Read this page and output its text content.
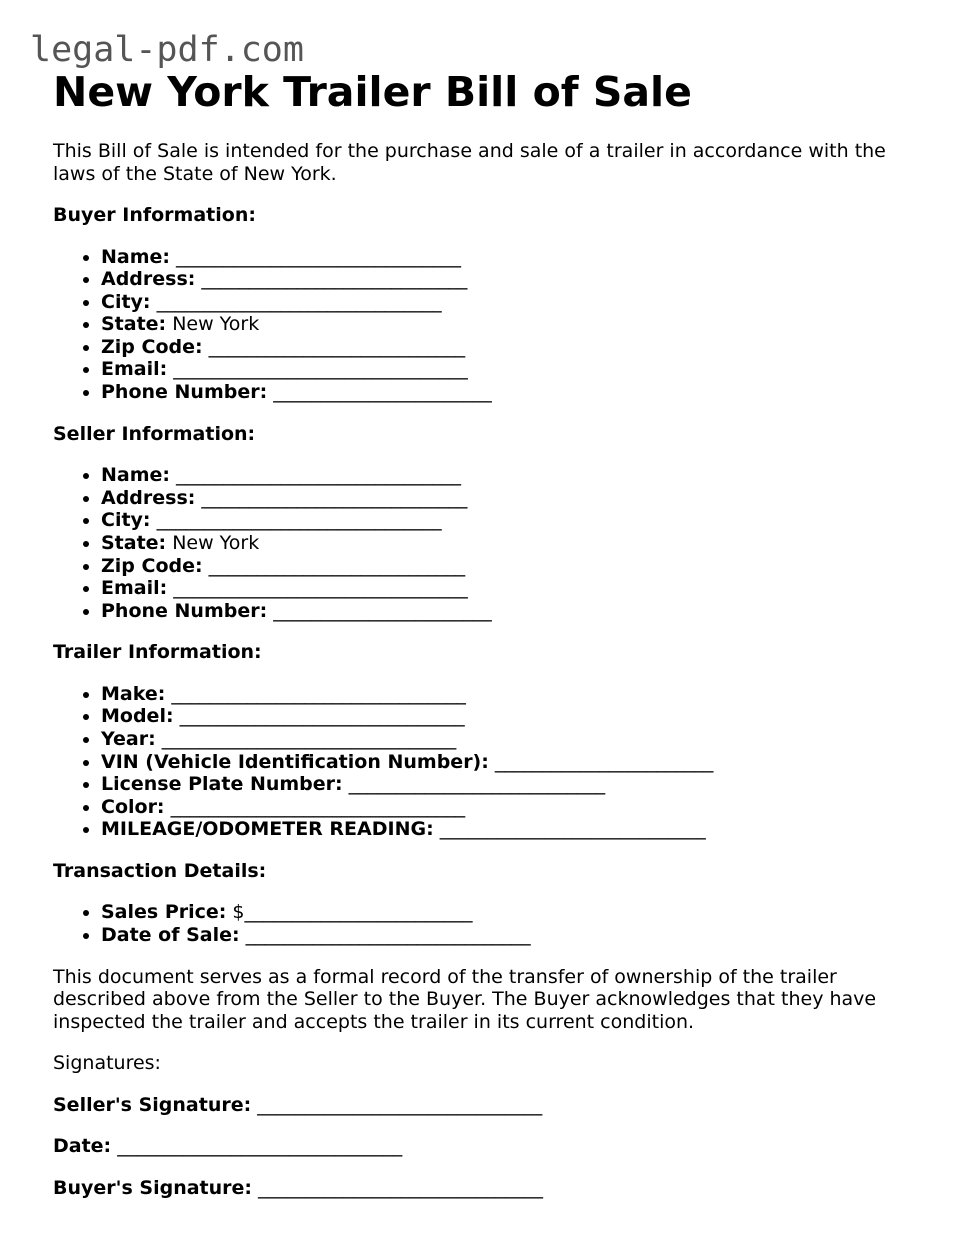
legal-pdf.com
New York Trailer Bill of Sale

This Bill of Sale is intended for the purchase and sale of a trailer in accordance with the laws of the State of New York.

Buyer Information:

• Name: ______________________________
• Address: ____________________________
• City: ______________________________
• State: New York
• Zip Code: ___________________________
• Email: _______________________________
• Phone Number: _______________________

Seller Information:

• Name: ______________________________
• Address: ____________________________
• City: ______________________________
• State: New York
• Zip Code: ___________________________
• Email: _______________________________
• Phone Number: _______________________

Trailer Information:

• Make: _______________________________
• Model: ______________________________
• Year: _______________________________
• VIN (Vehicle Identification Number): _______________________
• License Plate Number: ___________________________
• Color: _______________________________
• MILEAGE/ODOMETER READING: ____________________________

Transaction Details:

• Sales Price: $________________________
• Date of Sale: ______________________________

This document serves as a formal record of the transfer of ownership of the trailer described above from the Seller to the Buyer. The Buyer acknowledges that they have inspected the trailer and accepts the trailer in its current condition.

Signatures:

Seller's Signature: ______________________________

Date: ______________________________

Buyer's Signature: ______________________________
